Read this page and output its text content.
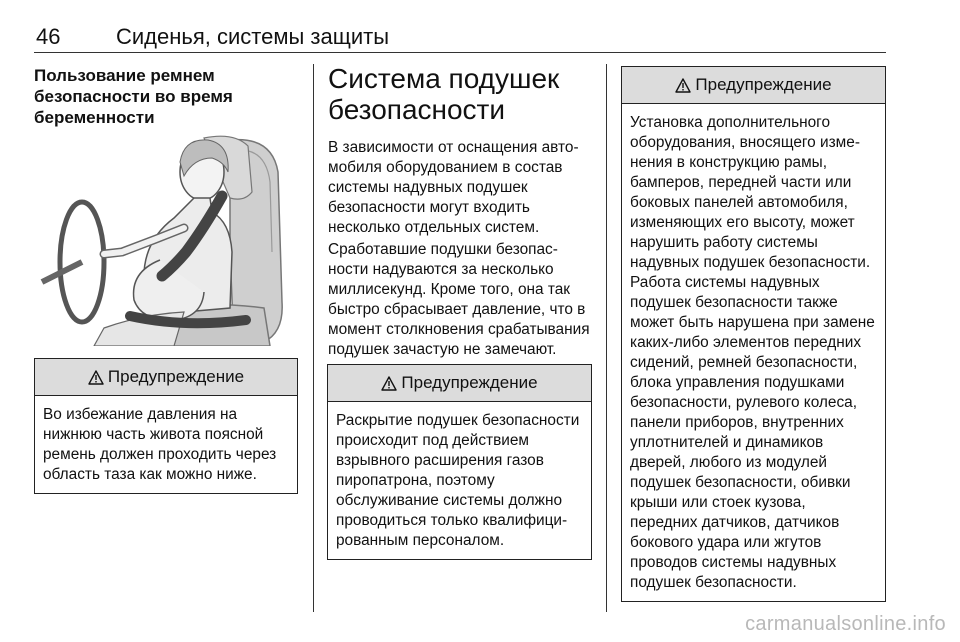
46	Сиденья, системы защиты
Пользование ремнем безопасности во время беременности
Предупреждение
Во избежание давления на нижнюю часть живота поясной ремень должен проходить через область таза как можно ниже.
Система подушек безопасности

В зависимости от оснащения автомобиля оборудованием в состав системы надувных подушек безопасности могут входить несколько отдельных систем.

Сработавшие подушки безопасности надуваются за несколько миллисекунд. Кроме того, она так быстро сбрасывает давление, что в момент столкновения срабатывания подушек зачастую не замечают.

Предупреждение
Раскрытие подушек безопасности происходит под действием взрывного расширения газов пиропатрона, поэтому обслуживание системы должно проводиться только квалифицированным персоналом.
Предупреждение
Установка дополнительного оборудования, вносящего изменения в конструкцию рамы, бамперов, передней части или боковых панелей автомобиля, изменяющих его высоту, может нарушить работу системы надувных подушек безопасности. Работа системы надувных подушек безопасности также может быть нарушена при замене каких-либо элементов передних сидений, ремней безопасности, блока управления подушками безопасности, рулевого колеса, панели приборов, внутренних уплотнителей и динамиков дверей, любого из модулей подушек безопасности, обивки крыши или стоек кузова, передних датчиков, датчиков бокового удара или жгутов проводов системы надувных подушек безопасности.
carmanualsonline.info
